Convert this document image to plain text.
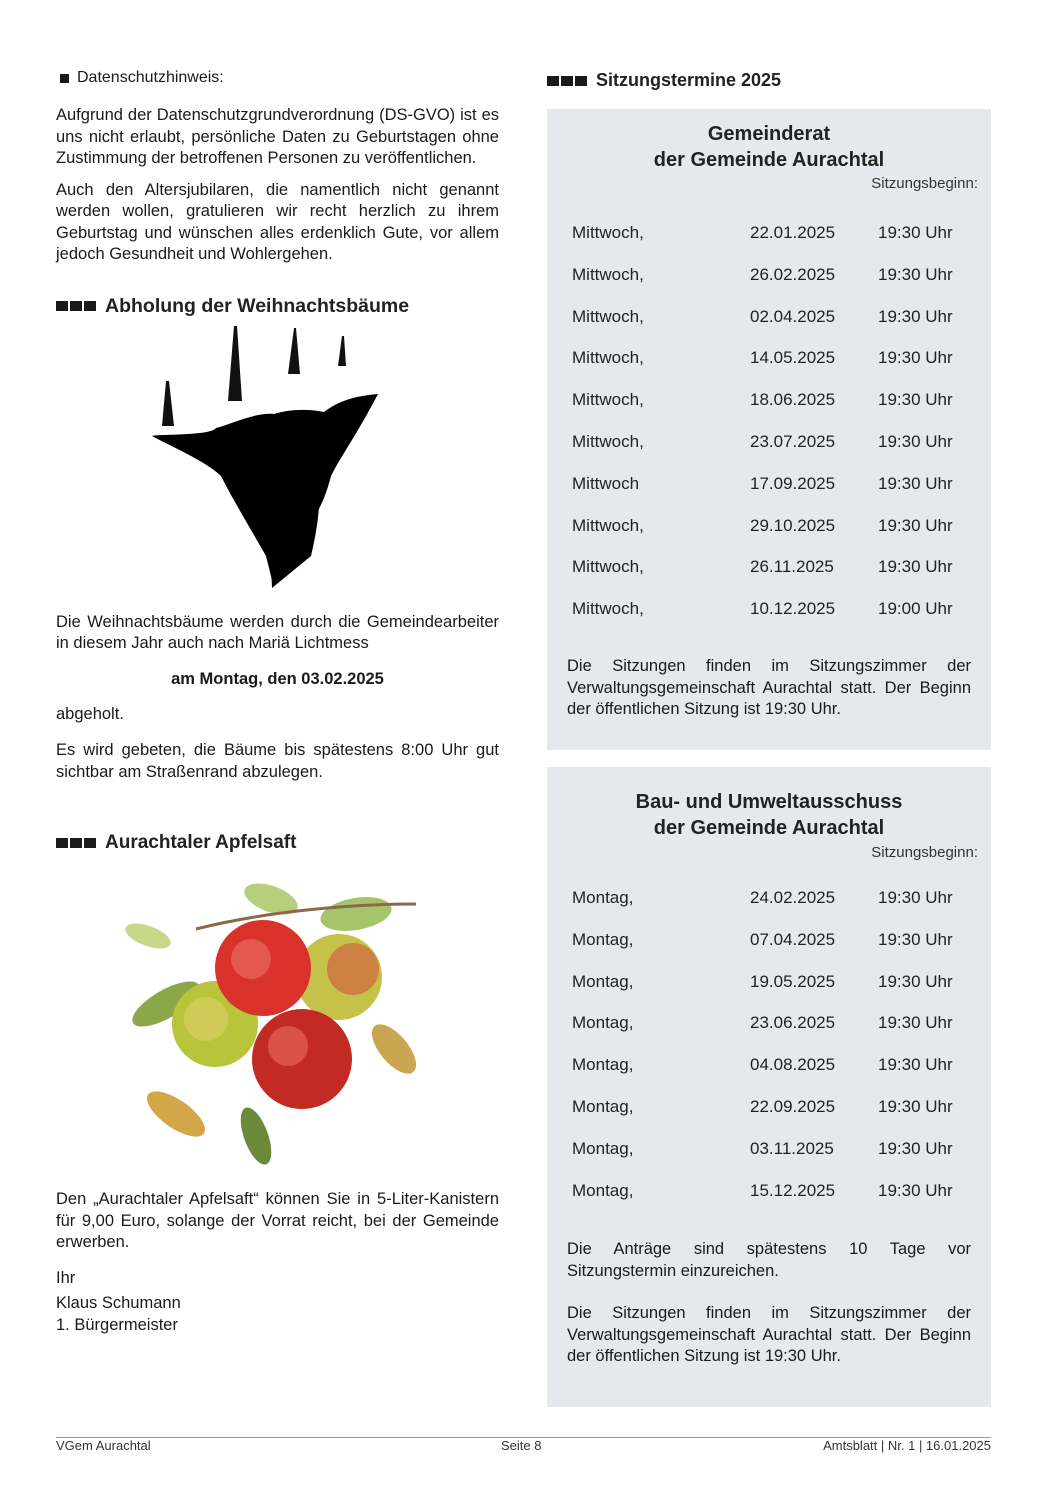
Datenschutzhinweis:

Aufgrund der Datenschutzgrundverordnung (DS-GVO) ist es uns nicht erlaubt, persönliche Daten zu Geburtstagen ohne Zustimmung der betroffenen Personen zu veröffentlichen.

Auch den Altersjubilaren, die namentlich nicht genannt werden wollen, gratulieren wir recht herzlich zu ihrem Geburtstag und wünschen alles erdenklich Gute, vor allem jedoch Gesundheit und Wohlergehen.

Abholung der Weihnachtsbäume

Die Weihnachtsbäume werden durch die Gemeindearbeiter in diesem Jahr auch nach Mariä Lichtmess

am Montag, den 03.02.2025

abgeholt.

Es wird gebeten, die Bäume bis spätestens 8:00 Uhr gut sichtbar am Straßenrand abzulegen.

Aurachtaler Apfelsaft

Den „Aurachtaler Apfelsaft“ können Sie in 5-Liter-Kanistern für 9,00 Euro, solange der Vorrat reicht, bei der Gemeinde erwerben.

Ihr

Klaus Schumann

1. Bürgermeister

Sitzungstermine 2025
Gemeinderat
der Gemeinde Aurachtal
Sitzungsbeginn:
Mittwoch,	22.01.2025	19:30 Uhr
Mittwoch,	26.02.2025	19:30 Uhr
Mittwoch,	02.04.2025	19:30 Uhr
Mittwoch,	14.05.2025	19:30 Uhr
Mittwoch,	18.06.2025	19:30 Uhr
Mittwoch,	23.07.2025	19:30 Uhr
Mittwoch	17.09.2025	19:30 Uhr
Mittwoch,	29.10.2025	19:30 Uhr
Mittwoch,	26.11.2025	19:30 Uhr
Mittwoch,	10.12.2025	19:00 Uhr

Die Sitzungen finden im Sitzungszimmer der Verwaltungsgemeinschaft Aurachtal statt. Der Beginn der öffentlichen Sitzung ist 19:30 Uhr.

Bau- und Umweltausschuss
der Gemeinde Aurachtal
Sitzungsbeginn:
Montag,	24.02.2025	19:30 Uhr
Montag,	07.04.2025	19:30 Uhr
Montag,	19.05.2025	19:30 Uhr
Montag,	23.06.2025	19:30 Uhr
Montag,	04.08.2025	19:30 Uhr
Montag,	22.09.2025	19:30 Uhr
Montag,	03.11.2025	19:30 Uhr
Montag,	15.12.2025	19:30 Uhr

Die Anträge sind spätestens 10 Tage vor Sitzungstermin einzureichen.

Die Sitzungen finden im Sitzungszimmer der Verwaltungsgemeinschaft Aurachtal statt. Der Beginn der öffentlichen Sitzung ist 19:30 Uhr.

VGem Aurachtal	Seite 8	Amtsblatt | Nr. 1 | 16.01.2025
